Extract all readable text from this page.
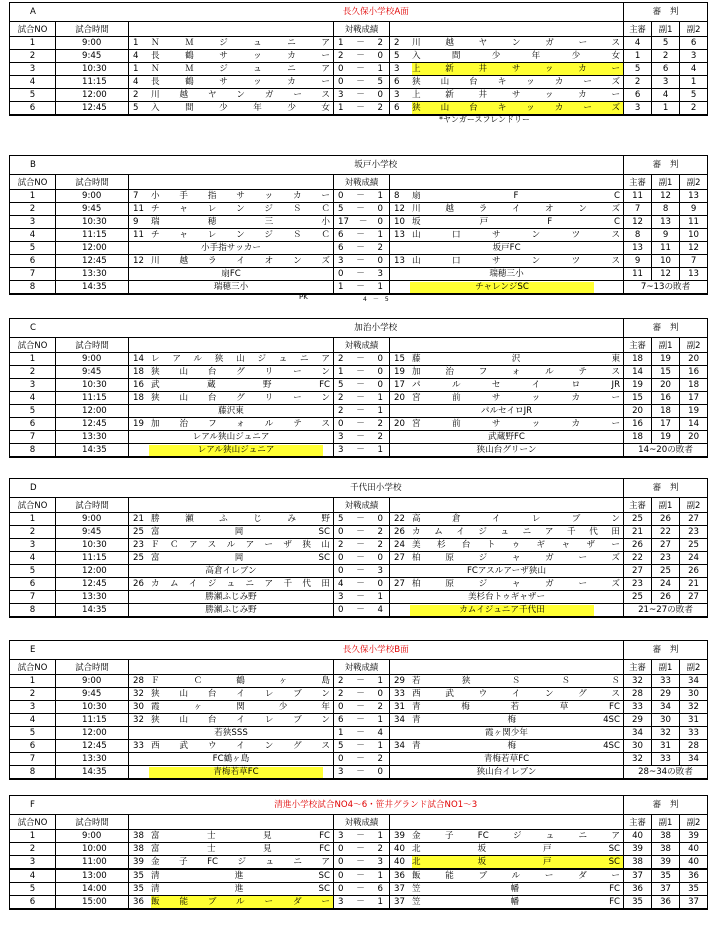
A		長久保小学校A面			審　判		
試合NO	試合時間		対戦成績		主審	副1	副2
1	9:00	1 ＮＭジュニア	1 － 2	2 川越ヤンガース	4	5	6
2	9:45	4 長鶴サッカー	2 － 0	5 入間少年少女	1	2	3
3	10:30	1 ＮＭジュニア	0 － 1	3 上新井サッカー	5	6	4
4	11:15	4 長鶴サッカー	0 － 5	6 狭山台キッカーズ	2	3	1
5	12:00	2 川越ヤンガース	3 － 0	3 上新井サッカー	6	4	5
6	12:45	5 入間少年少女	1 － 2	6 狭山台キッカーズ	3	1	2
*ヤンガースフレンドリー
B		坂戸小学校			審　判		
試合NO	試合時間		対戦成績		主審	副1	副2
1	9:00	7 小手指サッカー	0 － 1	8 扇F C	11	12	13
2	9:45	11 チャレンジＳＣ	5 － 0	12 川越ライオンズ	7	8	9
3	10:30	9 瑞穂三小	17 － 0	10 坂戸F C	12	13	11
4	11:15	11 チャレンジＳＣ	6 － 1	13 山口サンツス	8	9	10
5	12:00	小手指サッカー	6 － 2	坂戸FC	13	11	12
6	12:45	12 川越ライオンズ	3 － 0	13 山口サンツス	9	10	7
7	13:30	扇FC	0 － 3	瑞穂三小	11	12	13
8	14:35	瑞穂三小	1 － 1	チャレンジSC	7~13の敗者		
PK	4　－　5
C		加治小学校			審　判		
試合NO	試合時間		対戦成績		主審	副1	副2
1	9:00	14 レアル狭山ジュニア	2 － 0	15 藤沢東	18	19	20
2	9:45	18 狭山台グリーン	1 － 0	19 加治フォルテス	14	15	16
3	10:30	16 武蔵野FC	5 － 0	17 パルセイロJR	19	20	18
4	11:15	18 狭山台グリーン	2 － 1	20 宮前サッカー	15	16	17
5	12:00	藤沢東	2 － 1	パルセイロJR	20	18	19
6	12:45	19 加治フォルテス	0 － 2	20 宮前サッカー	16	17	14
7	13:30	レアル狭山ジュニア	3 － 2	武蔵野FC	18	19	20
8	14:35	レアル狭山ジュニア	3 － 1	狭山台グリーン	14~20の敗者		
D		千代田小学校			審　判		
試合NO	試合時間		対戦成績		主審	副1	副2
1	9:00	21 勝瀬ふじみ野	5 － 0	22 高倉イレブン	25	26	27
2	9:45	25 富岡SC	0 － 2	26 カムイジュニア千代田	21	22	23
3	10:30	23 ＦＣアスルアーザ狭山	2 － 2	24 美杉台トゥギャザー	26	27	25
4	11:15	25 富岡SC	0 － 0	27 柏原ジャガーズ	22	23	24
5	12:00	高倉イレブン	0 － 3	FCアスルアーザ狭山	27	25	26
6	12:45	26 カムイジュニア千代田	4 － 0	27 柏原ジャガーズ	23	24	21
7	13:30	勝瀬ふじみ野	3 － 1	美杉台トゥギャザー	25	26	27
8	14:35	勝瀬ふじみ野	0 － 4	カムイジュニア千代田	21~27の敗者		
E		長久保小学校B面			審　判		
試合NO	試合時間		対戦成績		主審	副1	副2
1	9:00	28 ＦＣ鶴ヶ島	2 － 1	29 若狭ＳＳＳ	32	33	34
2	9:45	32 狭山台イレブン	2 － 0	33 西武ウイングス	28	29	30
3	10:30	30 霞ヶ関少年	0 － 2	31 青梅若草FC	33	34	32
4	11:15	32 狭山台イレブン	6 － 1	34 青梅4SC	29	30	31
5	12:00	若狭SSS	1 － 4	霞ヶ関少年	34	32	33
6	12:45	33 西武ウイングス	5 － 1	34 青梅4SC	30	31	28
7	13:30	FC鶴ヶ島	0 － 2	青梅若草FC	32	33	34
8	14:35	青梅若草FC	3 － 0	狭山台イレブン	28~34の敗者		
F		清進小学校試合NO4～6・笹井グランド試合NO1～3			審　判		
試合NO	試合時間		対戦成績		主審	副1	副2
1	9:00	38 富士見FC	3 － 1	39 金子FCジュニア	40	38	39
2	10:00	38 富士見FC	0 － 2	40 北坂戸SC	39	38	40
3	11:00	39 金子FCジュニア	0 － 3	40 北坂戸SC	38	39	40
4	13:00	35 清進SC	0 － 1	36 飯能ブルーダー	37	35	36
5	14:00	35 清進SC	0 － 6	37 笠幡FC	36	37	35
6	15:00	36 飯能ブルーダー	3 － 1	37 笠幡FC	35	36	37
